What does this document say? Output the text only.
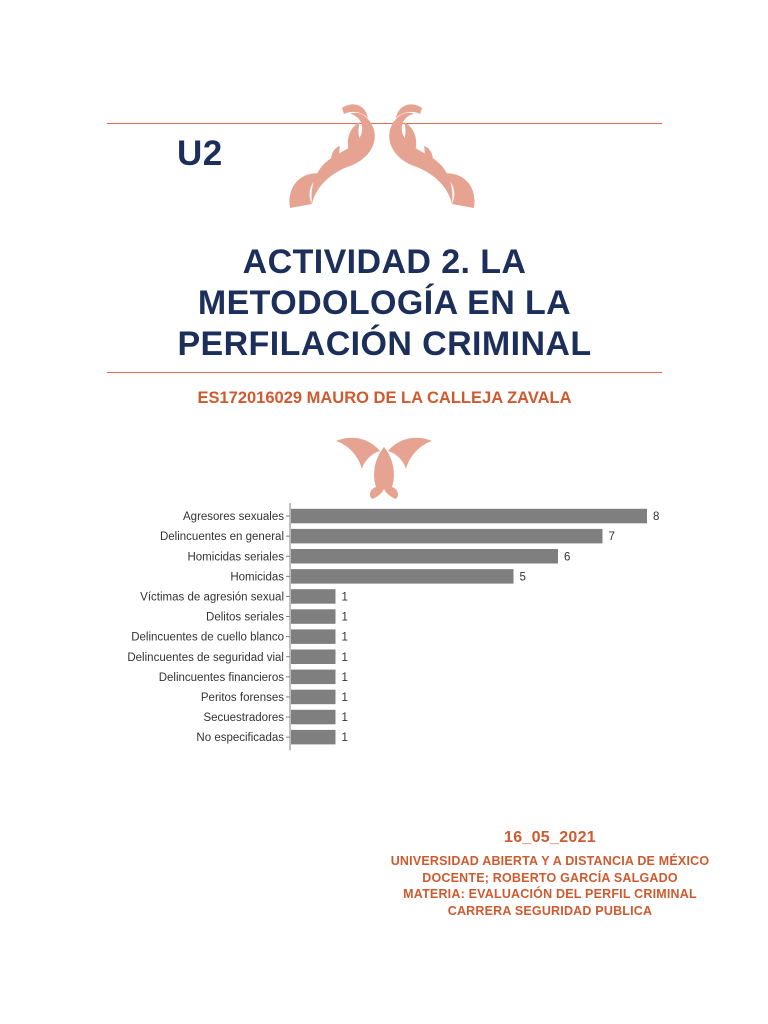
U2
ACTIVIDAD 2. LA
METODOLOGÍA EN LA
PERFILACIÓN CRIMINAL
ES172016029 MAURO DE LA CALLEJA ZAVALA
Agresores sexuales	8
Delincuentes en general	7
Homicidas seriales	6
Homicidas	5
Víctimas de agresión sexual	1
Delitos seriales	1
Delincuentes de cuello blanco	1
Delincuentes de seguridad vial	1
Delincuentes financieros	1
Peritos forenses	1
Secuestradores	1
No especificadas	1
16_05_2021
UNIVERSIDAD ABIERTA Y A DISTANCIA DE MÉXICO
DOCENTE; ROBERTO GARCÍA SALGADO
MATERIA: EVALUACIÓN DEL PERFIL CRIMINAL
CARRERA SEGURIDAD PUBLICA
